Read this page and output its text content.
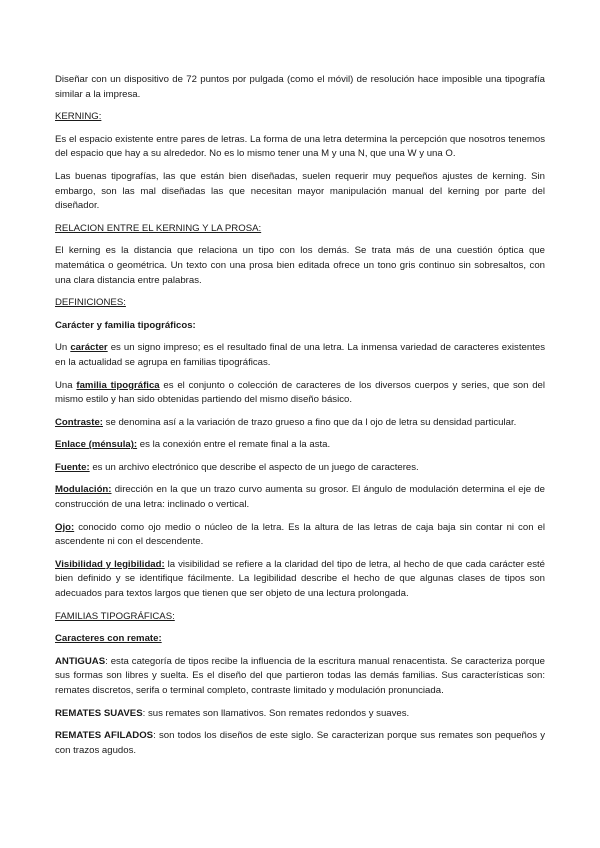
Diseñar con un dispositivo de 72 puntos por pulgada (como el móvil) de resolución hace imposible una tipografía similar a la impresa.

KERNING:

Es el espacio existente entre pares de letras. La forma de una letra determina la percepción que nosotros tenemos del espacio que hay a su alrededor. No es lo mismo tener una M y una N, que una W y una O.

Las buenas tipografías, las que están bien diseñadas, suelen requerir muy pequeños ajustes de kerning. Sin embargo, son las mal diseñadas las que necesitan mayor manipulación manual del kerning por parte del diseñador.

RELACION ENTRE EL KERNING Y LA PROSA:

El kerning es la distancia que relaciona un tipo con los demás. Se trata más de una cuestión óptica que matemática o geométrica. Un texto con una prosa bien editada ofrece un tono gris continuo sin sobresaltos, con una clara distancia entre palabras.

DEFINICIONES:

Carácter y familia tipográficos:

Un carácter es un signo impreso; es el resultado final de una letra. La inmensa variedad de caracteres existentes en la actualidad se agrupa en familias tipográficas.

Una familia tipográfica es el conjunto o colección de caracteres de los diversos cuerpos y series, que son del mismo estilo y han sido obtenidas partiendo del mismo diseño básico.

Contraste: se denomina así a la variación de trazo grueso a fino que da l ojo de letra su densidad particular.

Enlace (ménsula): es la conexión entre el remate final a la asta.

Fuente: es un archivo electrónico que describe el aspecto de un juego de caracteres.

Modulación: dirección en la que un trazo curvo aumenta su grosor. El ángulo de modulación determina el eje de construcción de una letra: inclinado o vertical.

Ojo: conocido como ojo medio o núcleo de la letra. Es la altura de las letras de caja baja sin contar ni con el ascendente ni con el descendente.

Visibilidad y legibilidad: la visibilidad se refiere a la claridad del tipo de letra, al hecho de que cada carácter esté bien definido y se identifique fácilmente. La legibilidad describe el hecho de que algunas clases de tipos son adecuados para textos largos que tienen que ser objeto de una lectura prolongada.

FAMILIAS TIPOGRÁFICAS:

Caracteres con remate:

ANTIGUAS: esta categoría de tipos recibe la influencia de la escritura manual renacentista. Se caracteriza porque sus formas son libres y suelta. Es el diseño del que partieron todas las demás familias. Sus características son: remates discretos, serifa o terminal completo, contraste limitado y modulación pronunciada.

REMATES SUAVES: sus remates son llamativos. Son remates redondos y suaves.

REMATES AFILADOS: son todos los diseños de este siglo. Se caracterizan porque sus remates son pequeños y con trazos agudos.
